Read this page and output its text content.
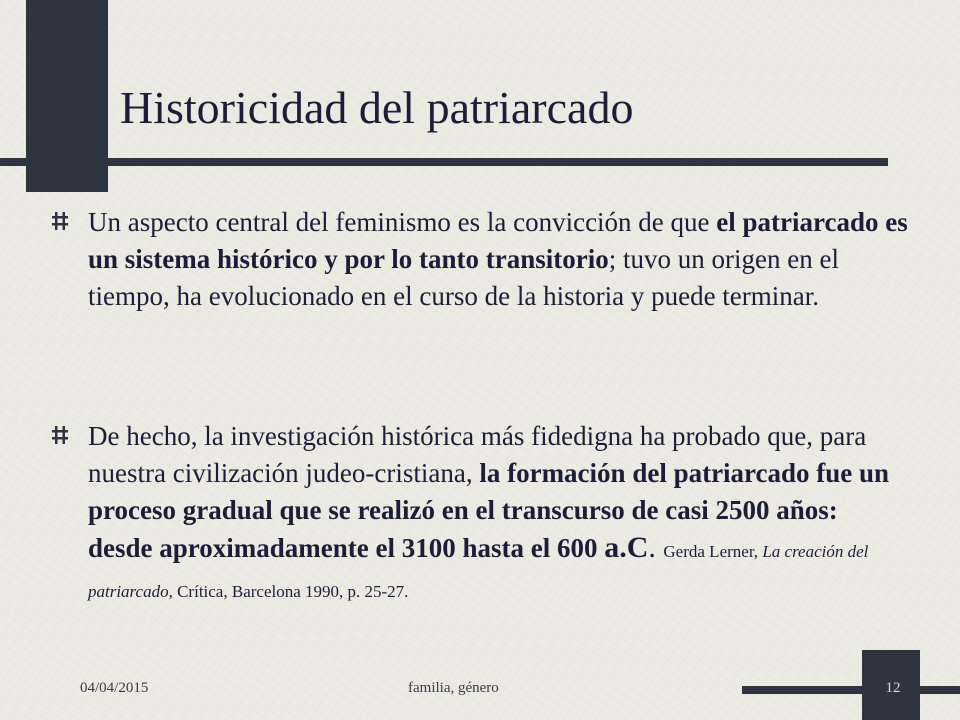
Historicidad del patriarcado
Un aspecto central del feminismo es la convicción de que el patriarcado es un sistema histórico y por lo tanto transitorio; tuvo un origen en el tiempo, ha evolucionado en el curso de la historia y puede terminar.
De hecho, la investigación histórica más fidedigna ha probado que, para nuestra civilización judeo-cristiana, la formación del patriarcado fue un proceso gradual que se realizó en el transcurso de casi 2500 años: desde aproximadamente el 3100 hasta el 600 a.C. Gerda Lerner, La creación del patriarcado, Crítica, Barcelona 1990, p. 25-27.
04/04/2015	familia, género	12
